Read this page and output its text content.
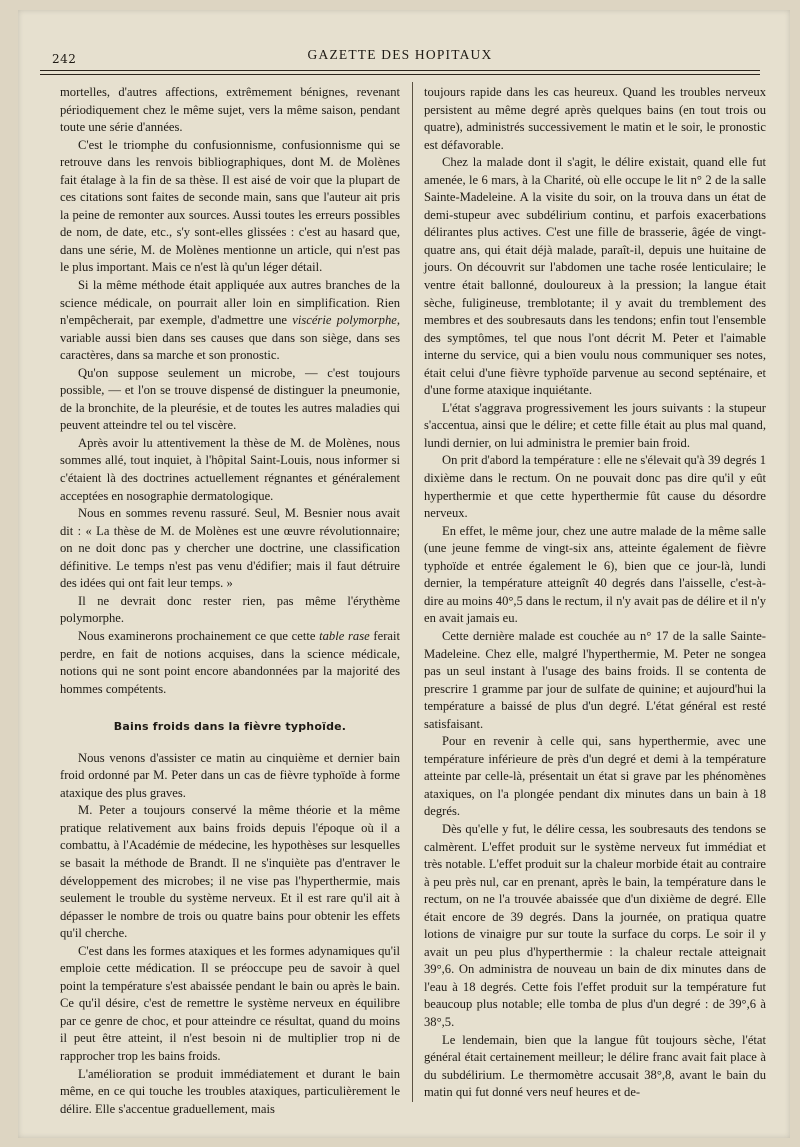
242	GAZETTE DES HOPITAUX

mortelles, d'autres affections, extrêmement bénignes, revenant périodiquement chez le même sujet, vers la même saison, pendant toute une série d'années.

C'est le triomphe du confusionnisme, confusionnisme qui se retrouve dans les renvois bibliographiques, dont M. de Molènes fait étalage à la fin de sa thèse. Il est aisé de voir que la plupart de ces citations sont faites de seconde main, sans que l'auteur ait pris la peine de remonter aux sources. Aussi toutes les erreurs possibles de nom, de date, etc., s'y sont-elles glissées : c'est au hasard que, dans une série, M. de Molènes mentionne un article, qui n'est pas le plus important. Mais ce n'est là qu'un léger détail.

Si la même méthode était appliquée aux autres branches de la science médicale, on pourrait aller loin en simplification. Rien n'empêcherait, par exemple, d'admettre une viscérie polymorphe, variable aussi bien dans ses causes que dans son siège, dans ses caractères, dans sa marche et son pronostic.

Qu'on suppose seulement un microbe, — c'est toujours possible, — et l'on se trouve dispensé de distinguer la pneumonie, de la bronchite, de la pleurésie, et de toutes les autres maladies qui peuvent atteindre tel ou tel viscère.

Après avoir lu attentivement la thèse de M. de Molènes, nous sommes allé, tout inquiet, à l'hôpital Saint-Louis, nous informer si c'étaient là des doctrines actuellement régnantes et généralement acceptées en nosographie dermatologique.

Nous en sommes revenu rassuré. Seul, M. Besnier nous avait dit : « La thèse de M. de Molènes est une œuvre révolutionnaire; on ne doit donc pas y chercher une doctrine, une classification définitive. Le temps n'est pas venu d'édifier; mais il faut détruire des idées qui ont fait leur temps. »

Il ne devrait donc rester rien, pas même l'érythème polymorphe.

Nous examinerons prochainement ce que cette table rase ferait perdre, en fait de notions acquises, dans la science médicale, notions qui ne sont point encore abandonnées par la majorité des hommes compétents.

Bains froids dans la fièvre typhoïde.

Nous venons d'assister ce matin au cinquième et dernier bain froid ordonné par M. Peter dans un cas de fièvre typhoïde à forme ataxique des plus graves.

M. Peter a toujours conservé la même théorie et la même pratique relativement aux bains froids depuis l'époque où il a combattu, à l'Académie de médecine, les hypothèses sur lesquelles se basait la méthode de Brandt. Il ne s'inquiète pas d'entraver le développement des microbes; il ne vise pas l'hyperthermie, mais seulement le trouble du système nerveux. Et il est rare qu'il ait à dépasser le nombre de trois ou quatre bains pour obtenir les effets qu'il cherche.

C'est dans les formes ataxiques et les formes adynamiques qu'il emploie cette médication. Il se préoccupe peu de savoir à quel point la température s'est abaissée pendant le bain ou après le bain. Ce qu'il désire, c'est de remettre le système nerveux en équilibre par ce genre de choc, et pour atteindre ce résultat, quand du moins il peut être atteint, il n'est besoin ni de multiplier trop ni de rapprocher trop les bains froids.

L'amélioration se produit immédiatement et durant le bain même, en ce qui touche les troubles ataxiques, particulièrement le délire. Elle s'accentue graduellement, mais

toujours rapide dans les cas heureux. Quand les troubles nerveux persistent au même degré après quelques bains (en tout trois ou quatre), administrés successivement le matin et le soir, le pronostic est défavorable.

Chez la malade dont il s'agit, le délire existait, quand elle fut amenée, le 6 mars, à la Charité, où elle occupe le lit n° 2 de la salle Sainte-Madeleine. A la visite du soir, on la trouva dans un état de demi-stupeur avec subdélirium continu, et parfois exacerbations délirantes plus actives. C'est une fille de brasserie, âgée de vingt-quatre ans, qui était déjà malade, paraît-il, depuis une huitaine de jours. On découvrit sur l'abdomen une tache rosée lenticulaire; le ventre était ballonné, douloureux à la pression; la langue était sèche, fuligineuse, tremblotante; il y avait du tremblement des membres et des soubresauts dans les tendons; enfin tout l'ensemble des symptômes, tel que nous l'ont décrit M. Peter et l'aimable interne du service, qui a bien voulu nous communiquer ses notes, était celui d'une fièvre typhoïde parvenue au second septénaire, et d'une forme ataxique inquiétante.

L'état s'aggrava progressivement les jours suivants : la stupeur s'accentua, ainsi que le délire; et cette fille était au plus mal quand, lundi dernier, on lui administra le premier bain froid.

On prit d'abord la température : elle ne s'élevait qu'à 39 degrés 1 dixième dans le rectum. On ne pouvait donc pas dire qu'il y eût hyperthermie et que cette hyperthermie fût cause du désordre nerveux.

En effet, le même jour, chez une autre malade de la même salle (une jeune femme de vingt-six ans, atteinte également de fièvre typhoïde et entrée également le 6), bien que ce jour-là, lundi dernier, la température atteignît 40 degrés dans l'aisselle, c'est-à-dire au moins 40°,5 dans le rectum, il n'y avait pas de délire et il n'y en avait jamais eu.

Cette dernière malade est couchée au n° 17 de la salle Sainte-Madeleine. Chez elle, malgré l'hyperthermie, M. Peter ne songea pas un seul instant à l'usage des bains froids. Il se contenta de prescrire 1 gramme par jour de sulfate de quinine; et aujourd'hui la température a baissé de plus d'un degré. L'état général est resté satisfaisant.

Pour en revenir à celle qui, sans hyperthermie, avec une température inférieure de près d'un degré et demi à la température atteinte par celle-là, présentait un état si grave par les phénomènes ataxiques, on l'a plongée pendant dix minutes dans un bain à 18 degrés.

Dès qu'elle y fut, le délire cessa, les soubresauts des tendons se calmèrent. L'effet produit sur le système nerveux fut immédiat et très notable. L'effet produit sur la chaleur morbide était au contraire à peu près nul, car en prenant, après le bain, la température dans le rectum, on ne l'a trouvée abaissée que d'un dixième de degré. Elle était encore de 39 degrés. Dans la journée, on pratiqua quatre lotions de vinaigre pur sur toute la surface du corps. Le soir il y avait un peu plus d'hyperthermie : la chaleur rectale atteignait 39°,6. On administra de nouveau un bain de dix minutes dans de l'eau à 18 degrés. Cette fois l'effet produit sur la température fut beaucoup plus notable; elle tomba de plus d'un degré : de 39°,6 à 38°,5.

Le lendemain, bien que la langue fût toujours sèche, l'état général était certainement meilleur; le délire franc avait fait place à du subdélirium. Le thermomètre accusait 38°,8, avant le bain du matin qui fut donné vers neuf heures et de-
